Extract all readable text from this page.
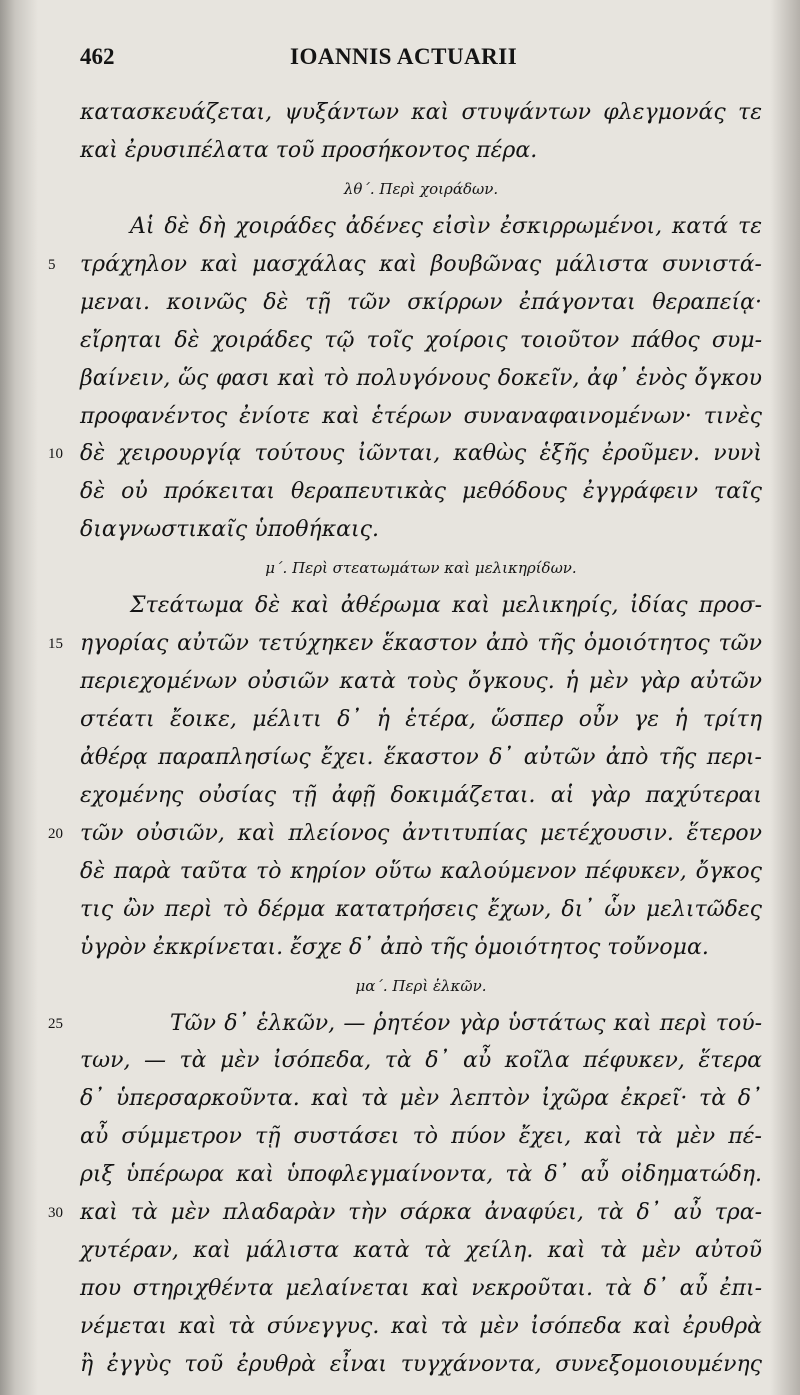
462	IOANNIS ACTUARII
κατασκευάζεται, ψυξάντων καὶ στυψάντων φλεγμονάς τε
καὶ ἐρυσιπέλατα τοῦ προσήκοντος πέρα.
λθ΄. Περὶ χοιράδων.
Αἱ δὲ δὴ χοιράδες ἀδένες εἰσὶν ἐσκιρρωμένοι, κατά τε
τράχηλον καὶ μασχάλας καὶ βουβῶνας μάλιστα συνιστά-
μεναι. κοινῶς δὲ τῇ τῶν σκίρρων ἐπάγονται θεραπείᾳ·
εἴρηται δὲ χοιράδες τῷ τοῖς χοίροις τοιοῦτον πάθος συμ-
βαίνειν, ὥς φασι καὶ τὸ πολυγόνους δοκεῖν, ἀφ᾽ ἑνὸς ὄγκου
προφανέντος ἐνίοτε καὶ ἑτέρων συναναφαινομένων· τινὲς
δὲ χειρουργίᾳ τούτους ἰῶνται, καθὼς ἑξῆς ἐροῦμεν. νυνὶ
δὲ οὐ πρόκειται θεραπευτικὰς μεθόδους ἐγγράφειν ταῖς
διαγνωστικαῖς ὑποθήκαις.
μ΄. Περὶ στεατωμάτων καὶ μελικηρίδων.
Στεάτωμα δὲ καὶ ἀθέρωμα καὶ μελικηρίς, ἰδίας προσ-
ηγορίας αὐτῶν τετύχηκεν ἕκαστον ἀπὸ τῆς ὁμοιότητος τῶν
περιεχομένων οὐσιῶν κατὰ τοὺς ὄγκους. ἡ μὲν γὰρ αὐτῶν
στέατι ἔοικε, μέλιτι δ᾽ ἡ ἑτέρα, ὥσπερ οὖν γε ἡ τρίτη
ἀθέρᾳ παραπλησίως ἔχει. ἕκαστον δ᾽ αὐτῶν ἀπὸ τῆς περι-
εχομένης οὐσίας τῇ ἀφῇ δοκιμάζεται. αἱ γὰρ παχύτεραι
τῶν οὐσιῶν, καὶ πλείονος ἀντιτυπίας μετέχουσιν. ἕτερον
δὲ παρὰ ταῦτα τὸ κηρίον οὕτω καλούμενον πέφυκεν, ὄγκος
τις ὢν περὶ τὸ δέρμα κατατρήσεις ἔχων, δι᾽ ὧν μελιτῶδες
ὑγρὸν ἐκκρίνεται. ἔσχε δ᾽ ἀπὸ τῆς ὁμοιότητος τοὔνομα.
μα΄. Περὶ ἑλκῶν.
Τῶν δ᾽ ἑλκῶν, — ῥητέον γὰρ ὑστάτως καὶ περὶ τού-
των, — τὰ μὲν ἰσόπεδα, τὰ δ᾽ αὖ κοῖλα πέφυκεν, ἕτερα
δ᾽ ὑπερσαρκοῦντα. καὶ τὰ μὲν λεπτὸν ἰχῶρα ἐκρεῖ· τὰ δ᾽
αὖ σύμμετρον τῇ συστάσει τὸ πύον ἔχει, καὶ τὰ μὲν πέ-
ριξ ὑπέρωρα καὶ ὑποφλεγμαίνοντα, τὰ δ᾽ αὖ οἰδηματώδη.
καὶ τὰ μὲν πλαδαρὰν τὴν σάρκα ἀναφύει, τὰ δ᾽ αὖ τρα-
χυτέραν, καὶ μάλιστα κατὰ τὰ χείλη. καὶ τὰ μὲν αὐτοῦ
που στηριχθέντα μελαίνεται καὶ νεκροῦται. τὰ δ᾽ αὖ ἐπι-
νέμεται καὶ τὰ σύνεγγυς. καὶ τὰ μὲν ἰσόπεδα καὶ ἐρυθρὰ
ἢ ἐγγὺς τοῦ ἐρυθρὰ εἶναι τυγχάνοντα, συνεξομοιουμένης
5
10
15
20
25
30
